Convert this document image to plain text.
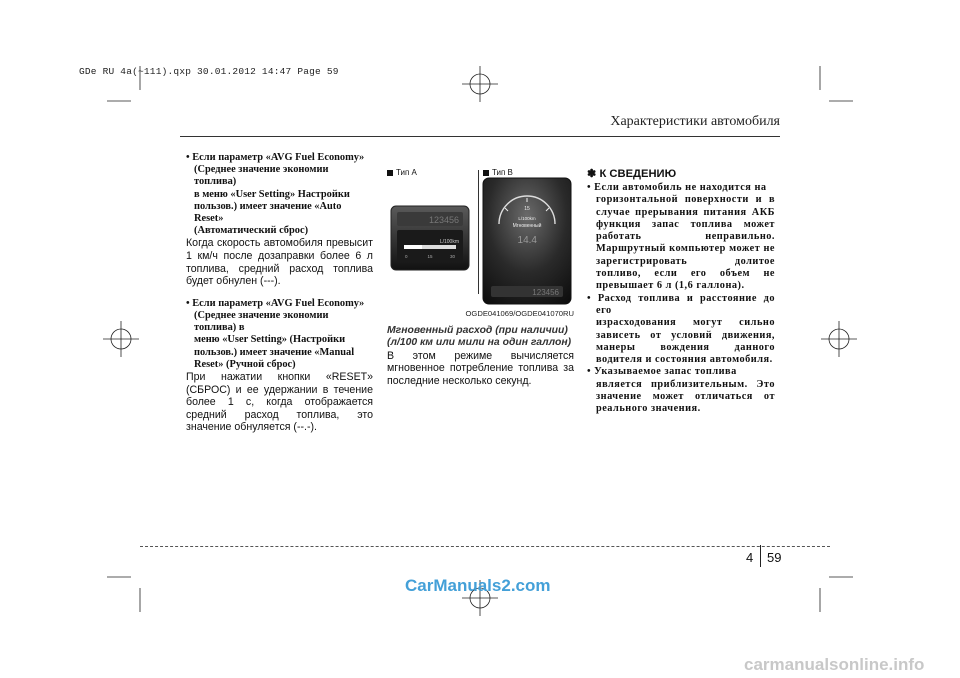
GDe RU 4a(~111).qxp 30.01.2012 14:47 Page 59
Характеристики автомобиля
• Если параметр «AVG Fuel Economy»
(Среднее значение экономии топлива)
в меню «User Setting» Настройки
пользов.) имеет значение «Auto Reset»
(Автоматический сброс)
Когда скорость автомобиля превысит 1 км/ч после дозаправки более 6 л топлива, средний расход топлива будет обнулен (---).
• Если параметр «AVG Fuel Economy»
(Среднее значение экономии топлива) в
меню «User Setting» (Настройки
пользов.) имеет значение «Manual
Reset» (Ручной сброс)
При нажатии кнопки «RESET» (СБРОС) и ее удержании в течение более 1 с, когда отображается средний расход топлива, это значение обнуляется (--.-).
Тип A	Тип B
123456
L/100km
0	15	30
15
L/100km
Мгновенный
14.4
123456
OGDE041069/OGDE041070RU
Мгновенный расход (при наличии) (л/100 км или мили на один галлон)
В этом режиме вычисляется мгновенное потребление топлива за последние несколько секунд.
✽ К СВЕДЕНИЮ
• Если автомобиль не находится на
горизонтальной поверхности и в случае прерывания питания АКБ функция запас топлива может работать неправильно. Маршрутный компьютер может не зарегистрировать долитое топливо, если его объем не превышает 6 л (1,6 галлона).
• Расход топлива и расстояние до его
израсходования могут сильно зависеть от условий движения, манеры вождения данного водителя и состояния автомобиля.
• Указываемое запас топлива
является приблизительным. Это значение может отличаться от реального значения.
4 59
CarManuals2.com
carmanualsonline.info
